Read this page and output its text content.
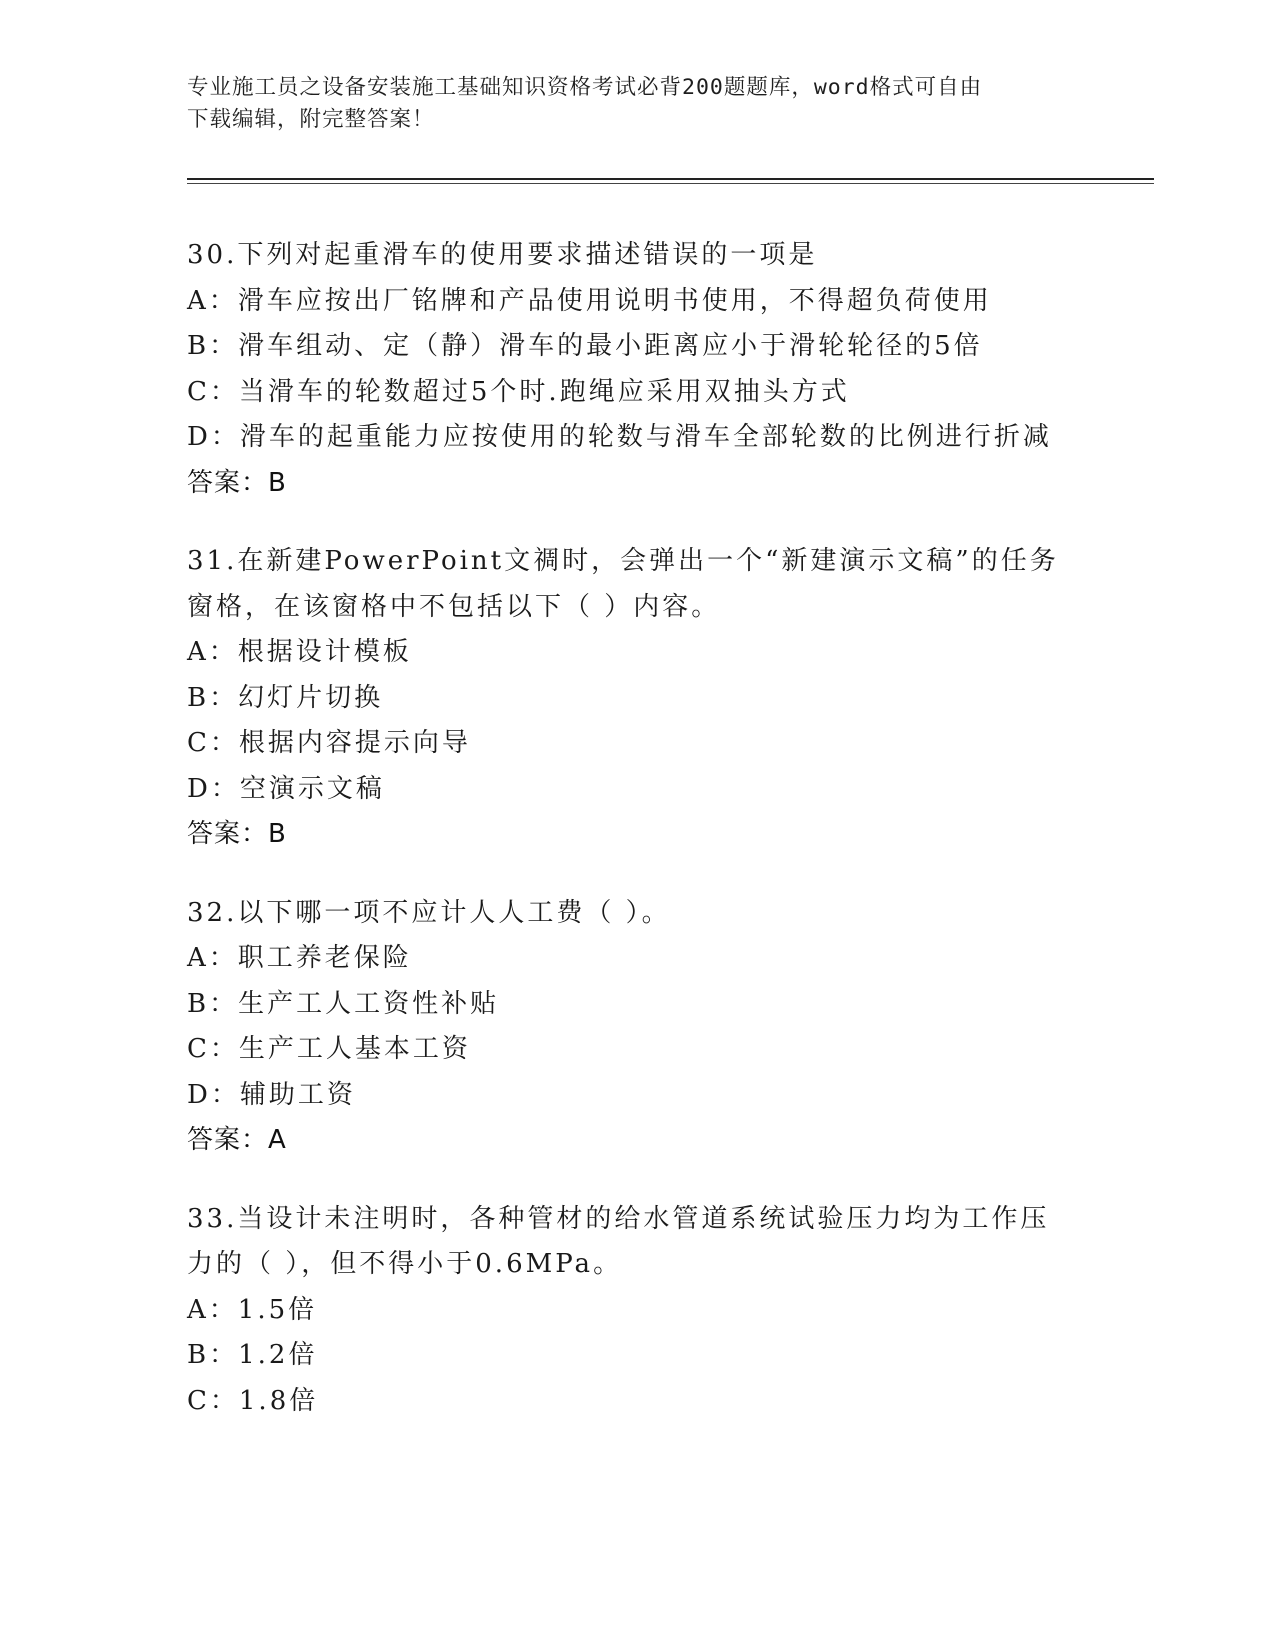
专业施工员之设备安装施工基础知识资格考试必背200题题库，word格式可自由
下载编辑，附完整答案！

30.下列对起重滑车的使用要求描述错误的一项是

A：滑车应按出厂铭牌和产品使用说明书使用，不得超负荷使用

B：滑车组动、定（静）滑车的最小距离应小于滑轮轮径的5倍

C：当滑车的轮数超过5个时.跑绳应采用双抽头方式

D：滑车的起重能力应按使用的轮数与滑车全部轮数的比例进行折减

答案：B

31.在新建PowerPoint文禂时，会弹出一个“新建演示文稿”的任务窗格，在该窗格中不包括以下（ ）内容。

A：根据设计模板

B：幻灯片切换

C：根据内容提示向导

D：空演示文稿

答案：B

32.以下哪一项不应计人人工费（ ）。

A：职工养老保险

B：生产工人工资性补贴

C：生产工人基本工资

D：辅助工资

答案：A

33.当设计未注明时，各种管材的给水管道系统试验压力均为工作压力的（ ），但不得小于0.6MPa。

A：1.5倍

B：1.2倍

C：1.8倍
